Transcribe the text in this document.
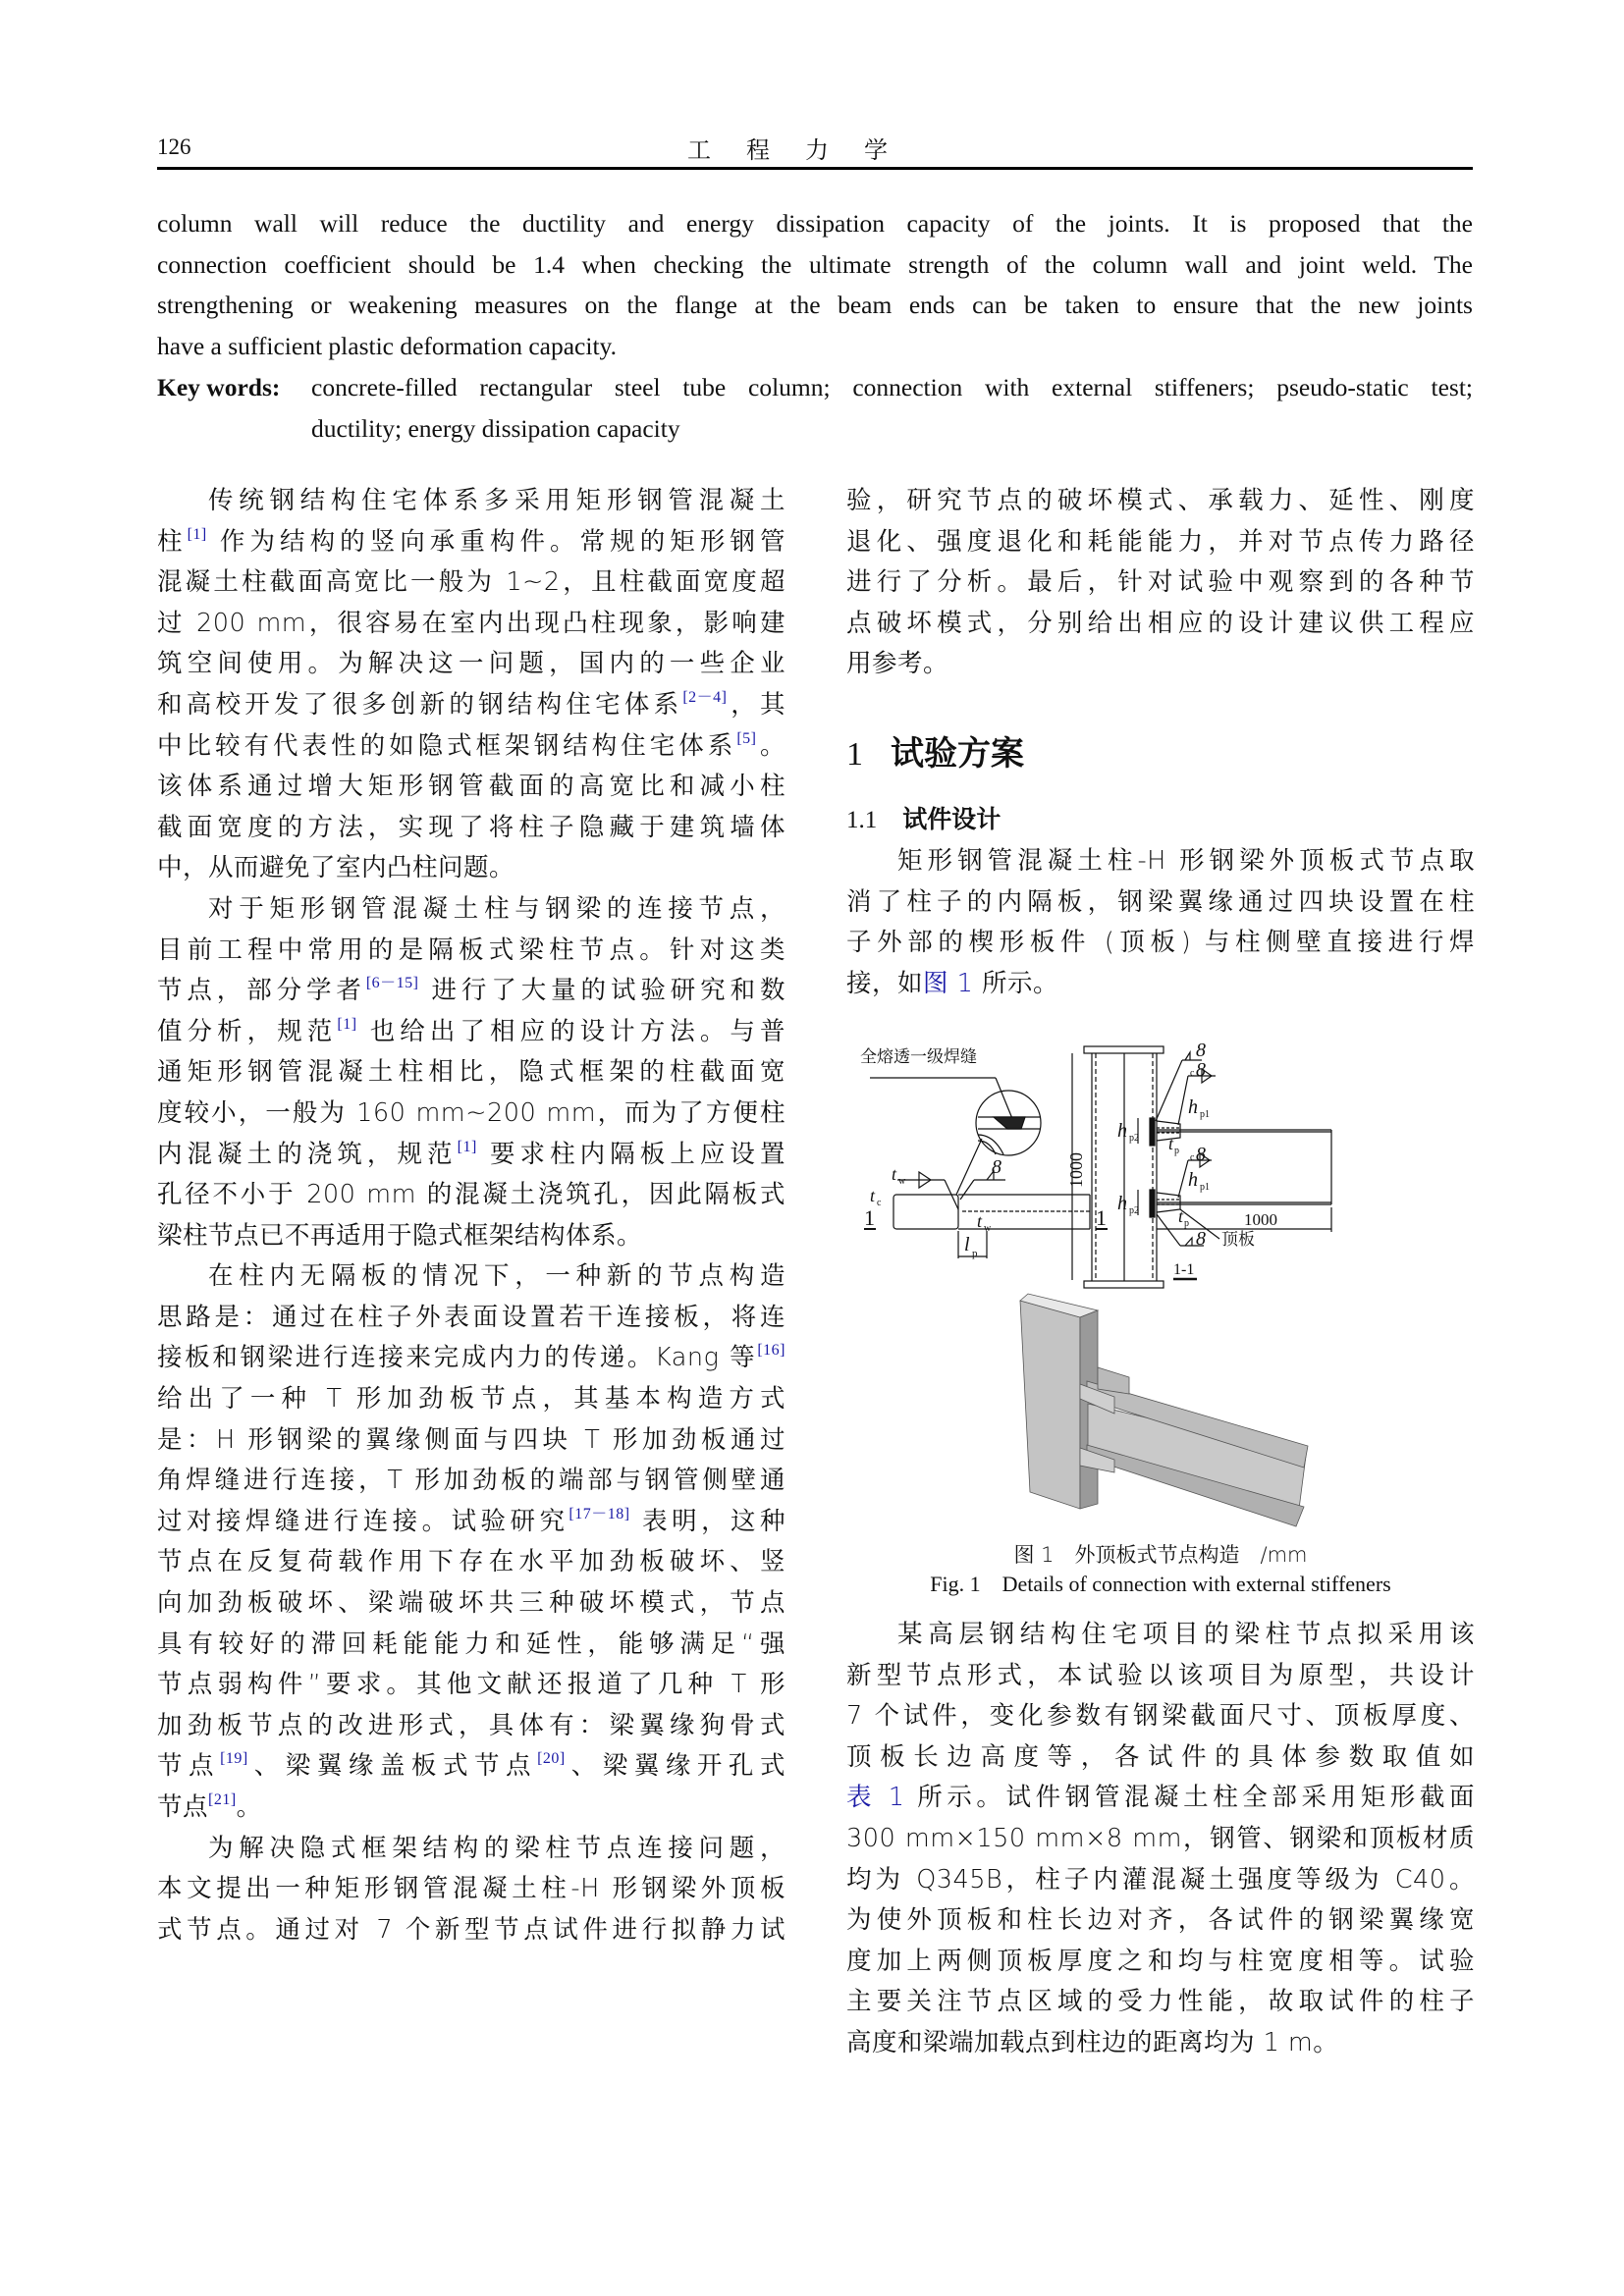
126	工程力学
column wall will reduce the ductility and energy dissipation capacity of the joints. It is proposed that the
connection coefficient should be 1.4 when checking the ultimate strength of the column wall and joint weld. The
strengthening or weakening measures on the flange at the beam ends can be taken to ensure that the new joints
have a sufficient plastic deformation capacity.
Key words:	concrete-filled rectangular steel tube column; connection with external stiffeners; pseudo-static test;
ductility; energy dissipation capacity
传统钢结构住宅体系多采用矩形钢管混凝土
柱[1] 作为结构的竖向承重构件。常规的矩形钢管
混凝土柱截面高宽比一般为 1~2，且柱截面宽度超
过 200 mm，很容易在室内出现凸柱现象，影响建
筑空间使用。为解决这一问题，国内的一些企业
和高校开发了很多创新的钢结构住宅体系[2－4]，其
中比较有代表性的如隐式框架钢结构住宅体系[5]。
该体系通过增大矩形钢管截面的高宽比和减小柱
截面宽度的方法，实现了将柱子隐藏于建筑墙体
中，从而避免了室内凸柱问题。
对于矩形钢管混凝土柱与钢梁的连接节点，
目前工程中常用的是隔板式梁柱节点。针对这类
节点，部分学者[6－15] 进行了大量的试验研究和数
值分析，规范[1] 也给出了相应的设计方法。与普
通矩形钢管混凝土柱相比，隐式框架的柱截面宽
度较小，一般为 160 mm~200 mm，而为了方便柱
内混凝土的浇筑，规范[1] 要求柱内隔板上应设置
孔径不小于 200 mm 的混凝土浇筑孔，因此隔板式
梁柱节点已不再适用于隐式框架结构体系。
在柱内无隔板的情况下，一种新的节点构造
思路是：通过在柱子外表面设置若干连接板，将连
接板和钢梁进行连接来完成内力的传递。Kang 等[16]
给出了一种 T 形加劲板节点，其基本构造方式
是：H 形钢梁的翼缘侧面与四块 T 形加劲板通过
角焊缝进行连接，T 形加劲板的端部与钢管侧壁通
过对接焊缝进行连接。试验研究[17－18] 表明，这种
节点在反复荷载作用下存在水平加劲板破坏、竖
向加劲板破坏、梁端破坏共三种破坏模式，节点
具有较好的滞回耗能能力和延性，能够满足“强
节点弱构件”要求。其他文献还报道了几种 T 形
加劲板节点的改进形式，具体有：梁翼缘狗骨式
节点[19]、梁翼缘盖板式节点[20]、梁翼缘开孔式
节点[21]。
为解决隐式框架结构的梁柱节点连接问题，
本文提出一种矩形钢管混凝土柱-H 形钢梁外顶板
式节点。通过对 7 个新型节点试件进行拟静力试
验，研究节点的破坏模式、承载力、延性、刚度
退化、强度退化和耗能能力，并对节点传力路径
进行了分析。最后，针对试验中观察到的各种节
点破坏模式，分别给出相应的设计建议供工程应
用参考。
1 试验方案
1.1 试件设计
矩形钢管混凝土柱-H 形钢梁外顶板式节点取
消了柱子的内隔板，钢梁翼缘通过四块设置在柱
子外部的楔形板件 (顶板) 与柱侧壁直接进行焊
接，如图 1 所示。
全熔透一级焊缝
t w
t c
8
t w
l p
1	1
1000
8
c 8
c 8
8
h p1
h p1
h p2
h p2
t p
t p	1000
顶板
1-1
图 1　外顶板式节点构造　/mm
Fig. 1　Details of connection with external stiffeners
某高层钢结构住宅项目的梁柱节点拟采用该
新型节点形式，本试验以该项目为原型，共设计
7 个试件，变化参数有钢梁截面尺寸、顶板厚度、
顶板长边高度等，各试件的具体参数取值如
表 1 所示。试件钢管混凝土柱全部采用矩形截面
300 mm×150 mm×8 mm，钢管、钢梁和顶板材质
均为 Q345B，柱子内灌混凝土强度等级为 C40。
为使外顶板和柱长边对齐，各试件的钢梁翼缘宽
度加上两侧顶板厚度之和均与柱宽度相等。试验
主要关注节点区域的受力性能，故取试件的柱子
高度和梁端加载点到柱边的距离均为 1 m。
